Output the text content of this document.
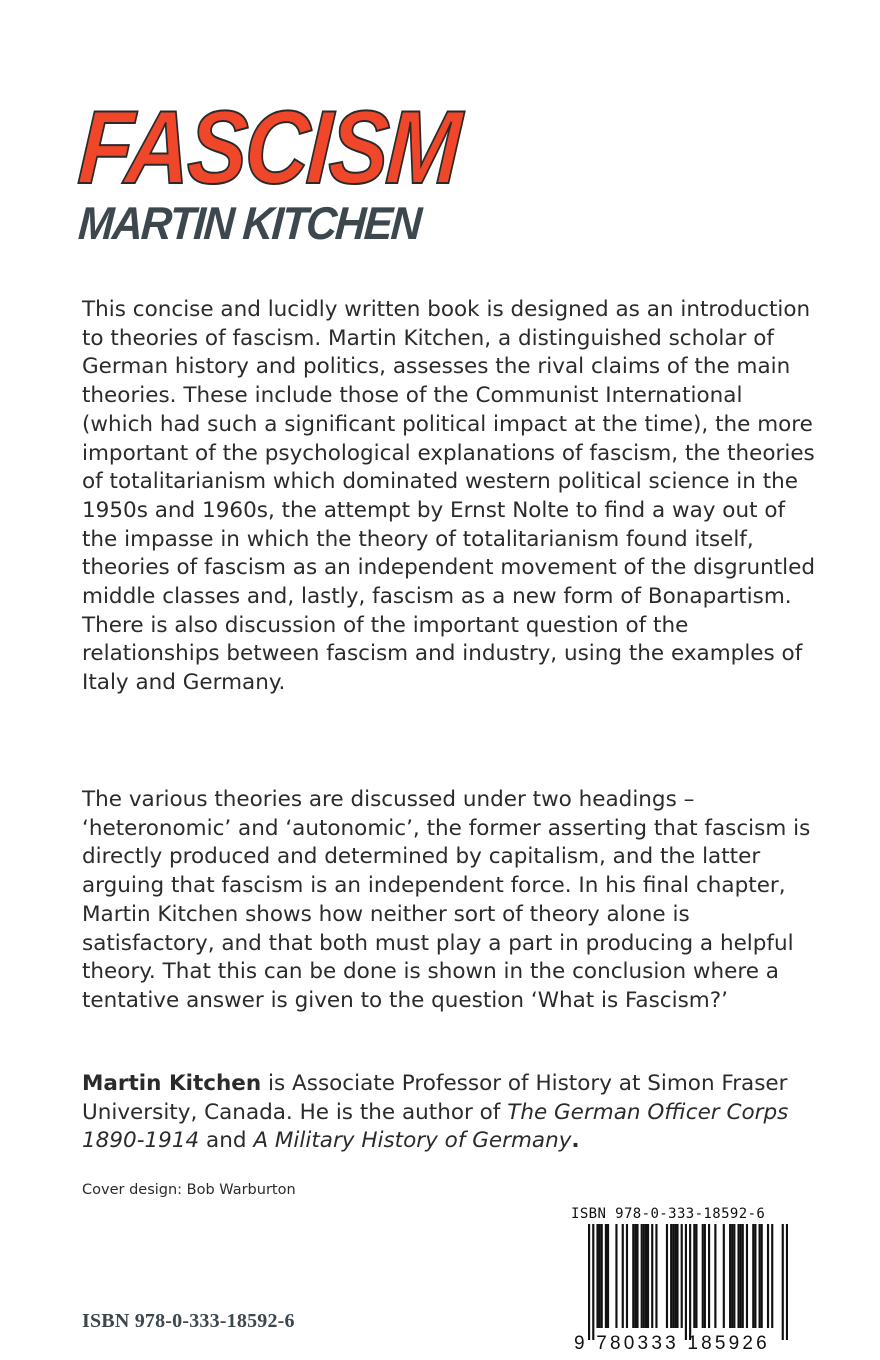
FASCISM
MARTIN KITCHEN

This concise and lucidly written book is designed as an introduction to theories of fascism. Martin Kitchen, a distinguished scholar of German history and politics, assesses the rival claims of the main theories. These include those of the Communist International (which had such a significant political impact at the time), the more important of the psychological explanations of fascism, the theories of totalitarianism which dominated western political science in the 1950s and 1960s, the attempt by Ernst Nolte to find a way out of the impasse in which the theory of totalitarianism found itself, theories of fascism as an independent movement of the disgruntled middle classes and, lastly, fascism as a new form of Bonapartism. There is also discussion of the important question of the relationships between fascism and industry, using the examples of Italy and Germany.

The various theories are discussed under two headings – ‘heteronomic’ and ‘autonomic’, the former asserting that fascism is directly produced and determined by capitalism, and the latter arguing that fascism is an independent force. In his final chapter, Martin Kitchen shows how neither sort of theory alone is satisfactory, and that both must play a part in producing a helpful theory. That this can be done is shown in the conclusion where a tentative answer is given to the question ‘What is Fascism?’

Martin Kitchen is Associate Professor of History at Simon Fraser University, Canada. He is the author of The German Officer Corps 1890-1914 and A Military History of Germany.

Cover design: Bob Warburton
ISBN 978-0-333-18592-6
ISBN 978-0-333-18592-6
9 780333 185926
